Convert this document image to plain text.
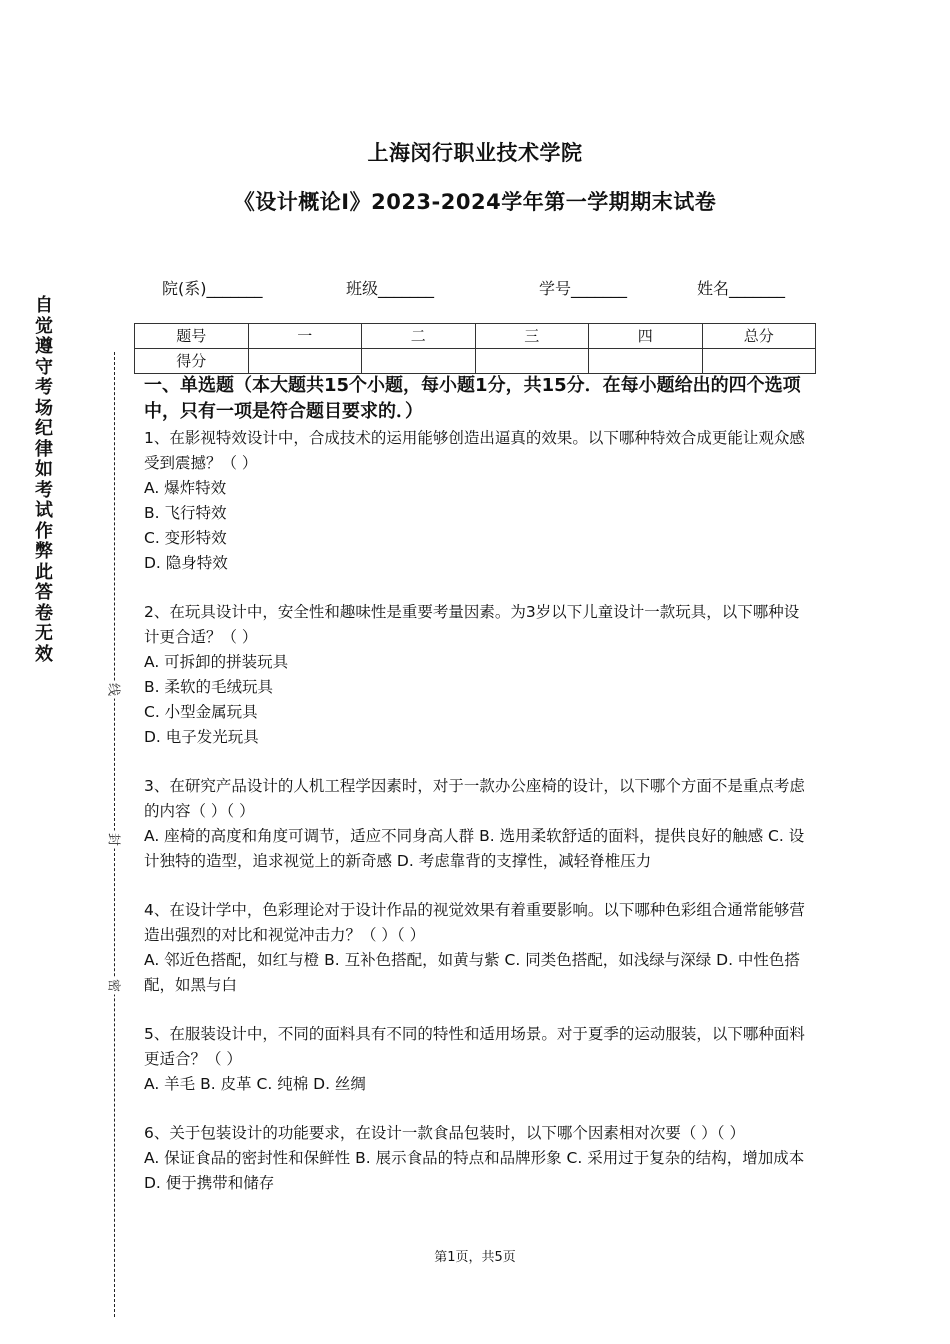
上海闵行职业技术学院
《设计概论Ⅰ》2023-2024学年第一学期期末试卷
院(系)_______	班级_______	学号_______	姓名_______
题号	一	二	三	四	总分
得分					
自觉遵守考场纪律如考试作弊此答卷无效
线
封
密
一、单选题（本大题共15个小题，每小题1分，共15分．在每小题给出的四个选项中，只有一项是符合题目要求的．）

1、在影视特效设计中，合成技术的运用能够创造出逼真的效果。以下哪种特效合成更能让观众感受到震撼？（ ）

A. 爆炸特效

B. 飞行特效

C. 变形特效

D. 隐身特效

2、在玩具设计中，安全性和趣味性是重要考量因素。为3岁以下儿童设计一款玩具，以下哪种设计更合适？（ ）

A. 可拆卸的拼装玩具

B. 柔软的毛绒玩具

C. 小型金属玩具

D. 电子发光玩具

3、在研究产品设计的人机工程学因素时，对于一款办公座椅的设计，以下哪个方面不是重点考虑的内容（ ）（ ）

A. 座椅的高度和角度可调节，适应不同身高人群 B. 选用柔软舒适的面料，提供良好的触感 C. 设计独特的造型，追求视觉上的新奇感 D. 考虑靠背的支撑性，减轻脊椎压力

4、在设计学中，色彩理论对于设计作品的视觉效果有着重要影响。以下哪种色彩组合通常能够营造出强烈的对比和视觉冲击力？（ ）（ ）

A. 邻近色搭配，如红与橙 B. 互补色搭配，如黄与紫 C. 同类色搭配，如浅绿与深绿 D. 中性色搭配，如黑与白

5、在服装设计中，不同的面料具有不同的特性和适用场景。对于夏季的运动服装，以下哪种面料更适合？（ ）

A. 羊毛 B. 皮革 C. 纯棉 D. 丝绸

6、关于包装设计的功能要求，在设计一款食品包装时，以下哪个因素相对次要（ ）（ ）

A. 保证食品的密封性和保鲜性 B. 展示食品的特点和品牌形象 C. 采用过于复杂的结构，增加成本 D. 便于携带和储存

第1页，共5页
